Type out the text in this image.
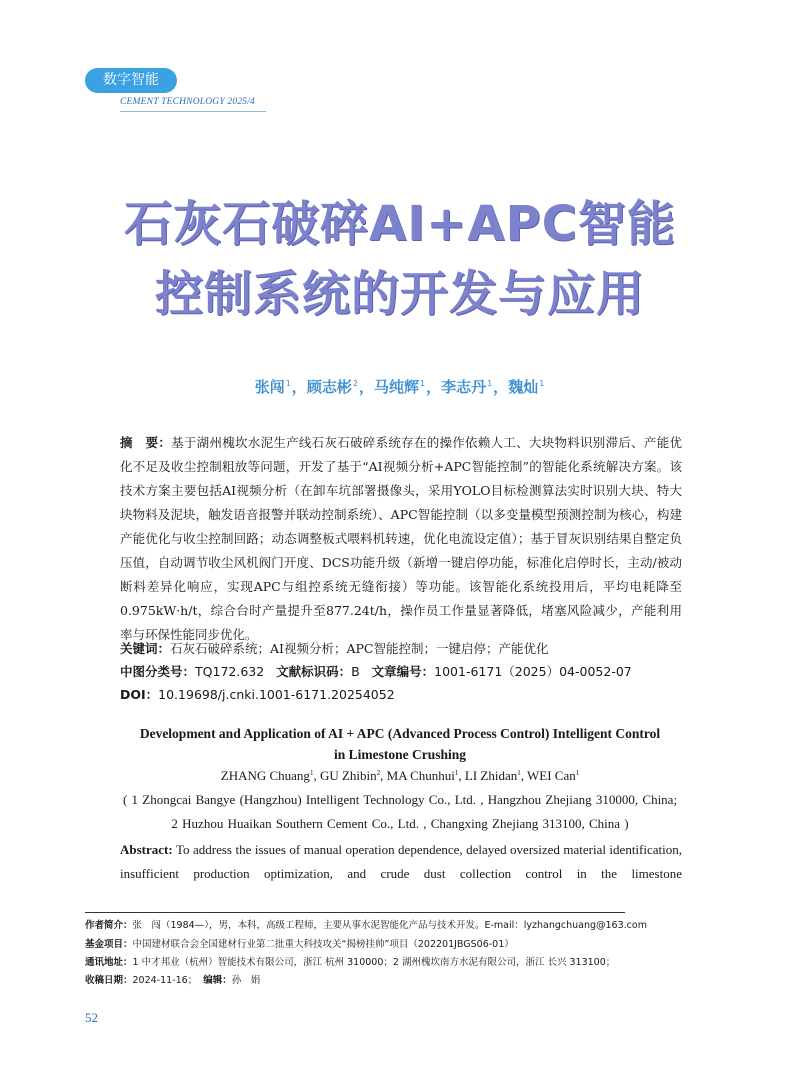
数字智能
CEMENT TECHNOLOGY 2025/4
石灰石破碎AI+APC智能
控制系统的开发与应用
张闯$^1$，顾志彬$^2$，马纯辉$^1$，李志丹$^1$，魏灿$^1$
摘　要：基于湖州槐坎水泥生产线石灰石破碎系统存在的操作依赖人工、大块物料识别滞后、产能优化不足及收尘控制粗放等问题，开发了基于“AI视频分析+APC智能控制”的智能化系统解决方案。该技术方案主要包括AI视频分析（在卸车坑部署摄像头，采用YOLO目标检测算法实时识别大块、特大块物料及泥块，触发语音报警并联动控制系统）、APC智能控制（以多变量模型预测控制为核心，构建产能优化与收尘控制回路；动态调整板式喂料机转速，优化电流设定值）；基于冒灰识别结果自整定负压值，自动调节收尘风机阀门开度、DCS功能升级（新增一键启停功能，标准化启停时长，主动/被动断料差异化响应，实现APC与组控系统无缝衔接）等功能。该智能化系统投用后，平均电耗降至0.975kW·h/t，综合台时产量提升至877.24t/h，操作员工作量显著降低，堵塞风险减少，产能利用率与环保性能同步优化。
关键词：石灰石破碎系统；AI视频分析；APC智能控制；一键启停；产能优化
中图分类号：TQ172.632 文献标识码：B 文章编号：1001-6171（2025）04-0052-07
DOI：10.19698/j.cnki.1001-6171.20254052
Development and Application of AI + APC (Advanced Process Control) Intelligent Control
in Limestone Crushing
ZHANG Chuang$^1$, GU Zhibin$^2$, MA Chunhui$^1$, LI Zhidan$^1$, WEI Can$^1$
( 1 Zhongcai Bangye (Hangzhou) Intelligent Technology Co., Ltd. , Hangzhou Zhejiang 310000, China;
2 Huzhou Huaikan Southern Cement Co., Ltd. , Changxing Zhejiang 313100, China )
Abstract: To address the issues of manual operation dependence, delayed oversized material identification, insufficient production optimization, and crude dust collection control in the limestone
作者简介：张　闯（1984—），男，本科，高级工程师，主要从事水泥智能化产品与技术开发。E-mail：lyzhangchuang@163.com
基金项目：中国建材联合会全国建材行业第二批重大科技攻关“揭榜挂帅”项目（202201JBGS06-01）
通讯地址：1 中才邦业（杭州）智能技术有限公司，浙江 杭州 310000；2 湖州槐坎南方水泥有限公司，浙江 长兴 313100；
收稿日期：2024-11-16； 编辑：孙　娟
52
